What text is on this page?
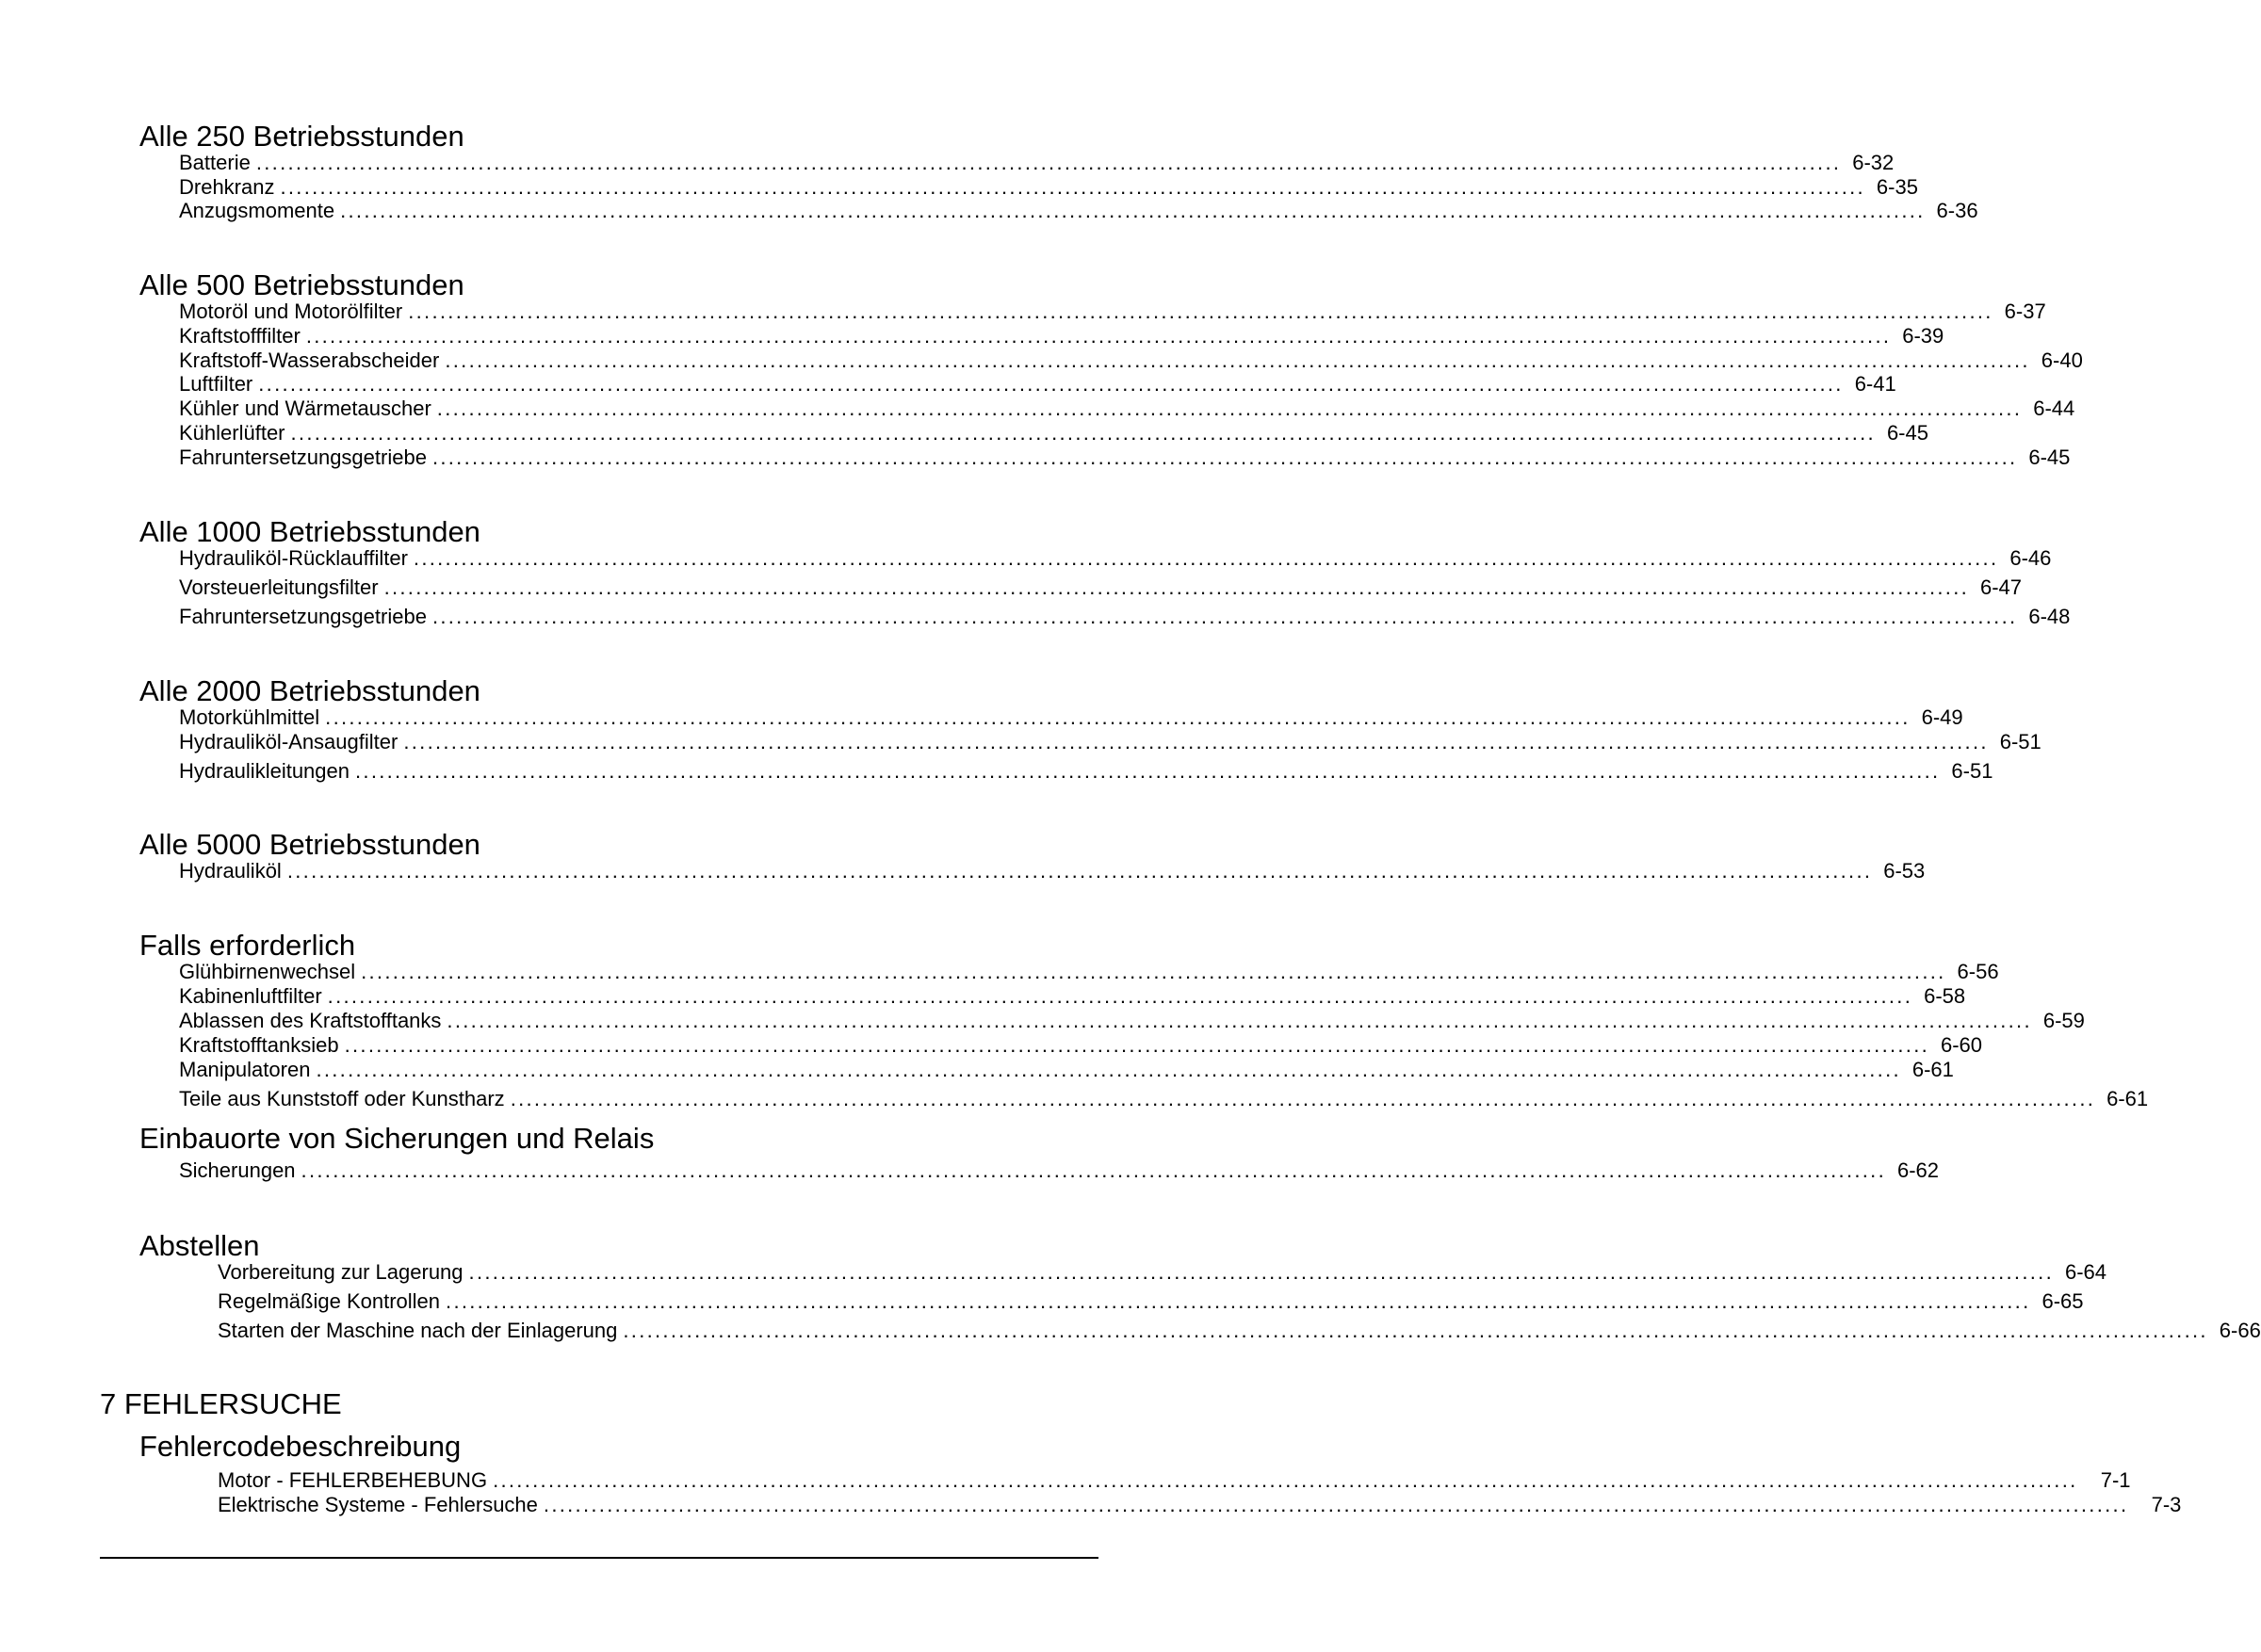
Alle 250 Betriebsstunden
Batterie ........................................................................................................................................................................................................ 6-32
Drehkranz ........................................................................................................................................................................................................ 6-35
Anzugsmomente ........................................................................................................................................................................................................ 6-36
Alle 500 Betriebsstunden
Motoröl und Motorölfilter ........................................................................................................................................................................................................ 6-37
Kraftstofffilter ........................................................................................................................................................................................................ 6-39
Kraftstoff-Wasserabscheider ........................................................................................................................................................................................................ 6-40
Luftfilter ........................................................................................................................................................................................................ 6-41
Kühler und Wärmetauscher ........................................................................................................................................................................................................ 6-44
Kühlerlüfter ........................................................................................................................................................................................................ 6-45
Fahruntersetzungsgetriebe ........................................................................................................................................................................................................ 6-45
Alle 1000 Betriebsstunden
Hydrauliköl-Rücklauffilter ........................................................................................................................................................................................................ 6-46
Vorsteuerleitungsfilter ........................................................................................................................................................................................................ 6-47
Fahruntersetzungsgetriebe ........................................................................................................................................................................................................ 6-48
Alle 2000 Betriebsstunden
Motorkühlmittel ........................................................................................................................................................................................................ 6-49
Hydrauliköl-Ansaugfilter ........................................................................................................................................................................................................ 6-51
Hydraulikleitungen ........................................................................................................................................................................................................ 6-51
Alle 5000 Betriebsstunden
Hydrauliköl ........................................................................................................................................................................................................ 6-53
Falls erforderlich
Glühbirnenwechsel ........................................................................................................................................................................................................ 6-56
Kabinenluftfilter ........................................................................................................................................................................................................ 6-58
Ablassen des Kraftstofftanks ........................................................................................................................................................................................................ 6-59
Kraftstofftanksieb ........................................................................................................................................................................................................ 6-60
Manipulatoren ........................................................................................................................................................................................................ 6-61
Teile aus Kunststoff oder Kunstharz ........................................................................................................................................................................................................ 6-61
Einbauorte von Sicherungen und Relais
Sicherungen ........................................................................................................................................................................................................ 6-62
Abstellen
Vorbereitung zur Lagerung ........................................................................................................................................................................................................ 6-64
Regelmäßige Kontrollen ........................................................................................................................................................................................................ 6-65
Starten der Maschine nach der Einlagerung ........................................................................................................................................................................................................ 6-66
7 FEHLERSUCHE
Fehlercodebeschreibung
Motor - FEHLERBEHEBUNG ........................................................................................................................................................................................................	7-1
Elektrische Systeme - Fehlersuche ........................................................................................................................................................................................................	7-3
